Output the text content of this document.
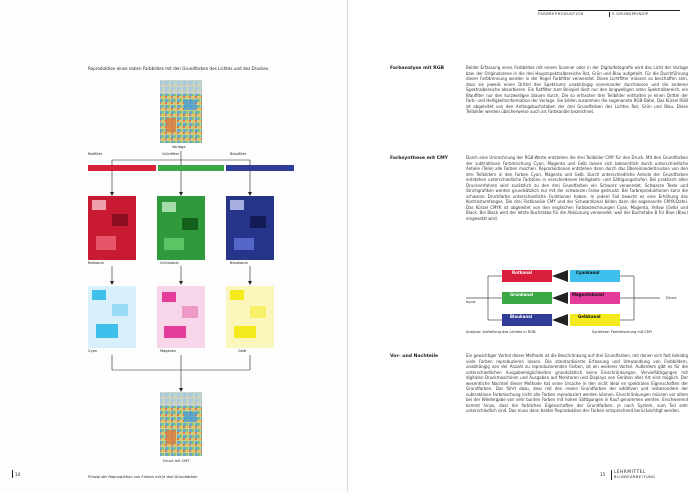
Reproduktion eines realen Farbbildes mit den Grundfarben des Lichtes und des Druckes.
Vorlage
Rotfilter	Grünfilter	Blaufilter
Rotkanal	Grünkanal	Blaukanal
Cyan	Magenta	Gelb
Druck mit CMY
Prinzip der Reproduktion von Farben mit je drei Grundfarben
14
FARBREPRODUKTION	5 GRUNDPRINZIP
Farbanalyse mit RGB	Beider Erfassung eines Farbbildes mit einem Scanner oder in der Digitalfotografie wird das Licht der Vorlage bzw. der Originalszene in die drei Hauptspektralbereiche Rot, Grün und Blau aufgeteilt. Für die Durchführung dieser Farbtrennung werden in der Regel Farbfilter verwendet. Diese Lichtfilter müssen so beschaffen sein, dass sie jeweils einen Drittel des Spektrums unabhängig voneinander durchlassen und die anderen Spektralbereiche absorbieren. Ein Rotfilter zum Beispiel lässt nur den langwelligen roten Spektralbereich, ein Blaufilter nur den kurzwelligen blauen durch. Die so erfassten drei Teilbilder enthalten je einen Drittel der Farb- und Helligkeitsinformation der Vorlage. Sie bilden zusammen die sogenannte RGB-Datei. Das Kürzel RGB ist abgeleitet von den Anfangsbuchstaben der drei Grundfarben des Lichtes Rot, Grün und Blau. Diese Teilbilder werden üblicherweise auch als Farbkanäle bezeichnet.
Farbsynthese mit CMY	Durch eine Umrechnung der RGB-Werte entstehen die drei Teilbilder CMY für den Druck. Mit den Grundfarben der subtraktiven Farbmischung Cyan, Magenta und Gelb lassen sich bekanntlich durch unterschiedliche Anteile (Teile) alle Farben mischen. Reproduktionen entstehen dann durch das Übereinanderdrucken von den drei Teilbildern in den Farben Cyan, Magenta und Gelb. Durch unterschiedliche Anteile der Grundfarben entstehen unterschiedliche Farbtöne in verschiedenen Helligkeits- und Sättigungsstufen. Bei praktisch allen Druckverfahren wird zusätzlich zu den drei Grundfarben ein Schwarz verwendet. Schwarze Texte und Strichgrafiken werden grundsätzlich nur mit der schwarzen Farbe gedruckt. Bei Farbreproduktionen kann die schwarze Druckfarbe unterschiedliche Funktionen haben. In jedem Fall bewirkt es eine Erhöhung des Kontrastumfanges. Die drei Farbkanäle CMY und der Schwarzkanal bilden dann die sogenannte CMYK-Datei. Das Kürzel CMYK ist abgeleitet von den englischen Farbbezeichnungen Cyan, Magenta, Yellow (Gelb) und Black. Bei Black wird der letzte Buchstabe für die Abkürzung verwendet, weil der Buchstabe B für Blue (Blau) eingesetzt wird.
Rotkanal
Grünkanal
Blaukanal
Cyankanal
Magentakanal
Gelbkanal
Input
Druck
Analyse: Aufteilung des Lichtes in RGB	Synthese: Farbmischung mit CMY
Vor- und Nachteile	Ein gewichtiger Vorteil dieser Methode ist die Beschränkung auf drei Grundfarben, mit denen sich fast beliebig viele Farben reproduzieren lassen. Die standardisierte Erfassung und Umwandlung von Farbbildern, unabhängig von der Anzahl zu reproduzierenden Farben, ist ein weiterer Vorteil. Außerdem gibt es für die unterschiedlichen Ausgabemöglichkeiten grundsätzlich keine Einschränkungen. Vervielfältigungen mit digitalen Druckmaschinen und Ausgaben auf Monitoren und Displays von Geräten aller Art sind möglich. Der wesentliche Nachteil dieser Methode hat seine Ursache in den nicht ideal en spektralen Eigenschaften der Grundfarben. Das führt dazu, dass mit den realen Grundfarben der additiven und insbesondere der subtraktiven Farbmischung nicht alle Farben reproduziert werden können. Einschränkungen müssen vor allem bei der Wiedergabe von sehr bunten Farben mit hohen Sättigungen in Kauf genommen werden. Erschwerend kommt hinzu, dass die farblichen Eigenschaften der Grundfarben, je nach System, zum Teil sehr unterschiedlich sind. Das muss dann beider Reproduktion der Farben entsprechend berücksichtigt werden.
15
LEHRMITTEL
BILDBEARBEITUNG
